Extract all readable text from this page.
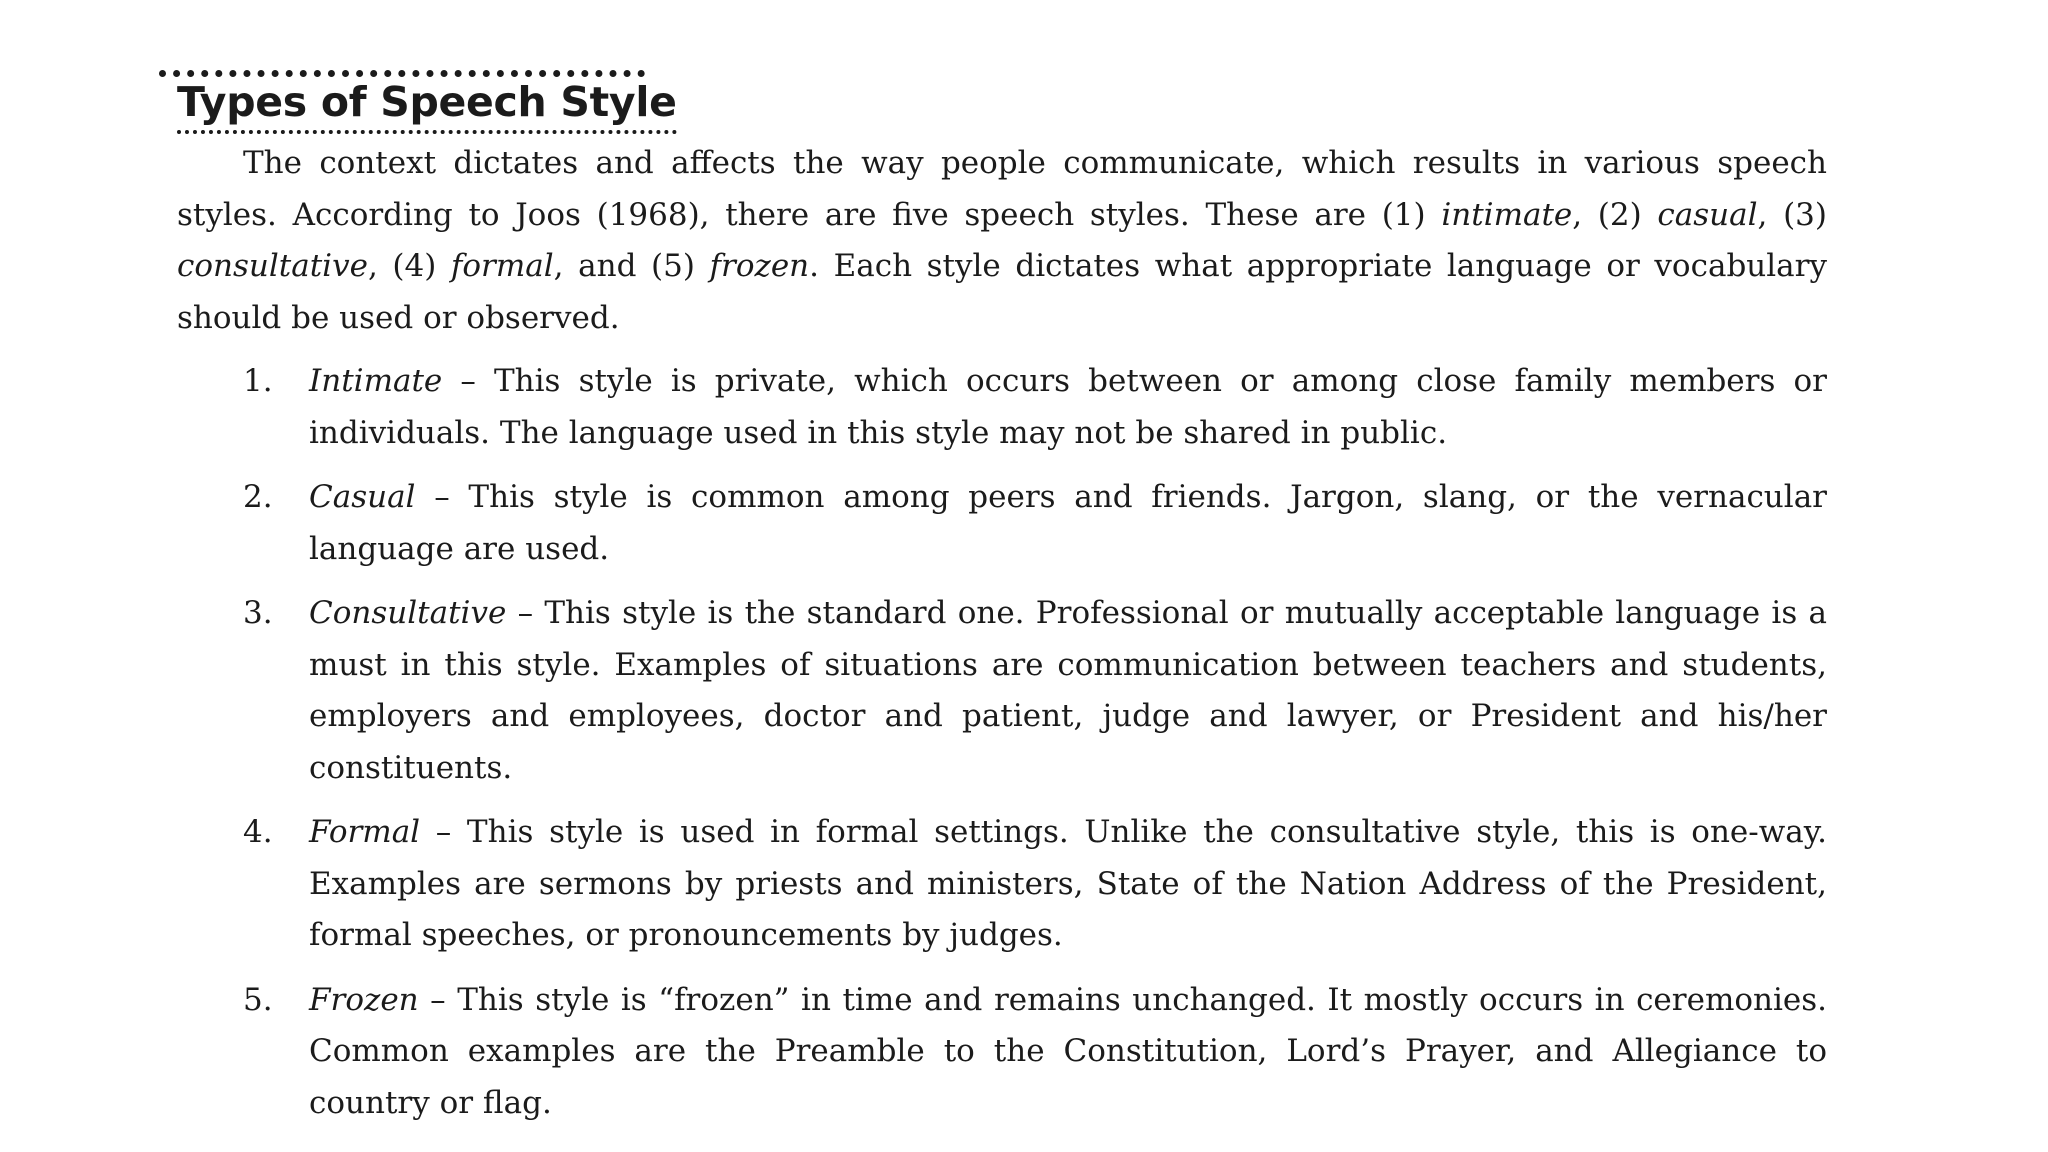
Types of Speech Style

The context dictates and affects the way people communicate, which results in various speech styles. According to Joos (1968), there are five speech styles. These are (1) intimate, (2) casual, (3) consultative, (4) formal, and (5) frozen. Each style dictates what appropriate language or vocabulary should be used or observed.

1. Intimate – This style is private, which occurs between or among close family members or individuals. The language used in this style may not be shared in public.
2. Casual – This style is common among peers and friends. Jargon, slang, or the vernacular language are used.
3. Consultative – This style is the standard one. Professional or mutually acceptable language is a must in this style. Examples of situations are communication between teachers and students, employers and employees, doctor and patient, judge and lawyer, or President and his/her constituents.
4. Formal – This style is used in formal settings. Unlike the consultative style, this is one-way. Examples are sermons by priests and ministers, State of the Nation Address of the President, formal speeches, or pronouncements by judges.
5. Frozen – This style is “frozen” in time and remains unchanged. It mostly occurs in ceremonies. Common examples are the Preamble to the Constitution, Lord’s Prayer, and Allegiance to country or flag.
